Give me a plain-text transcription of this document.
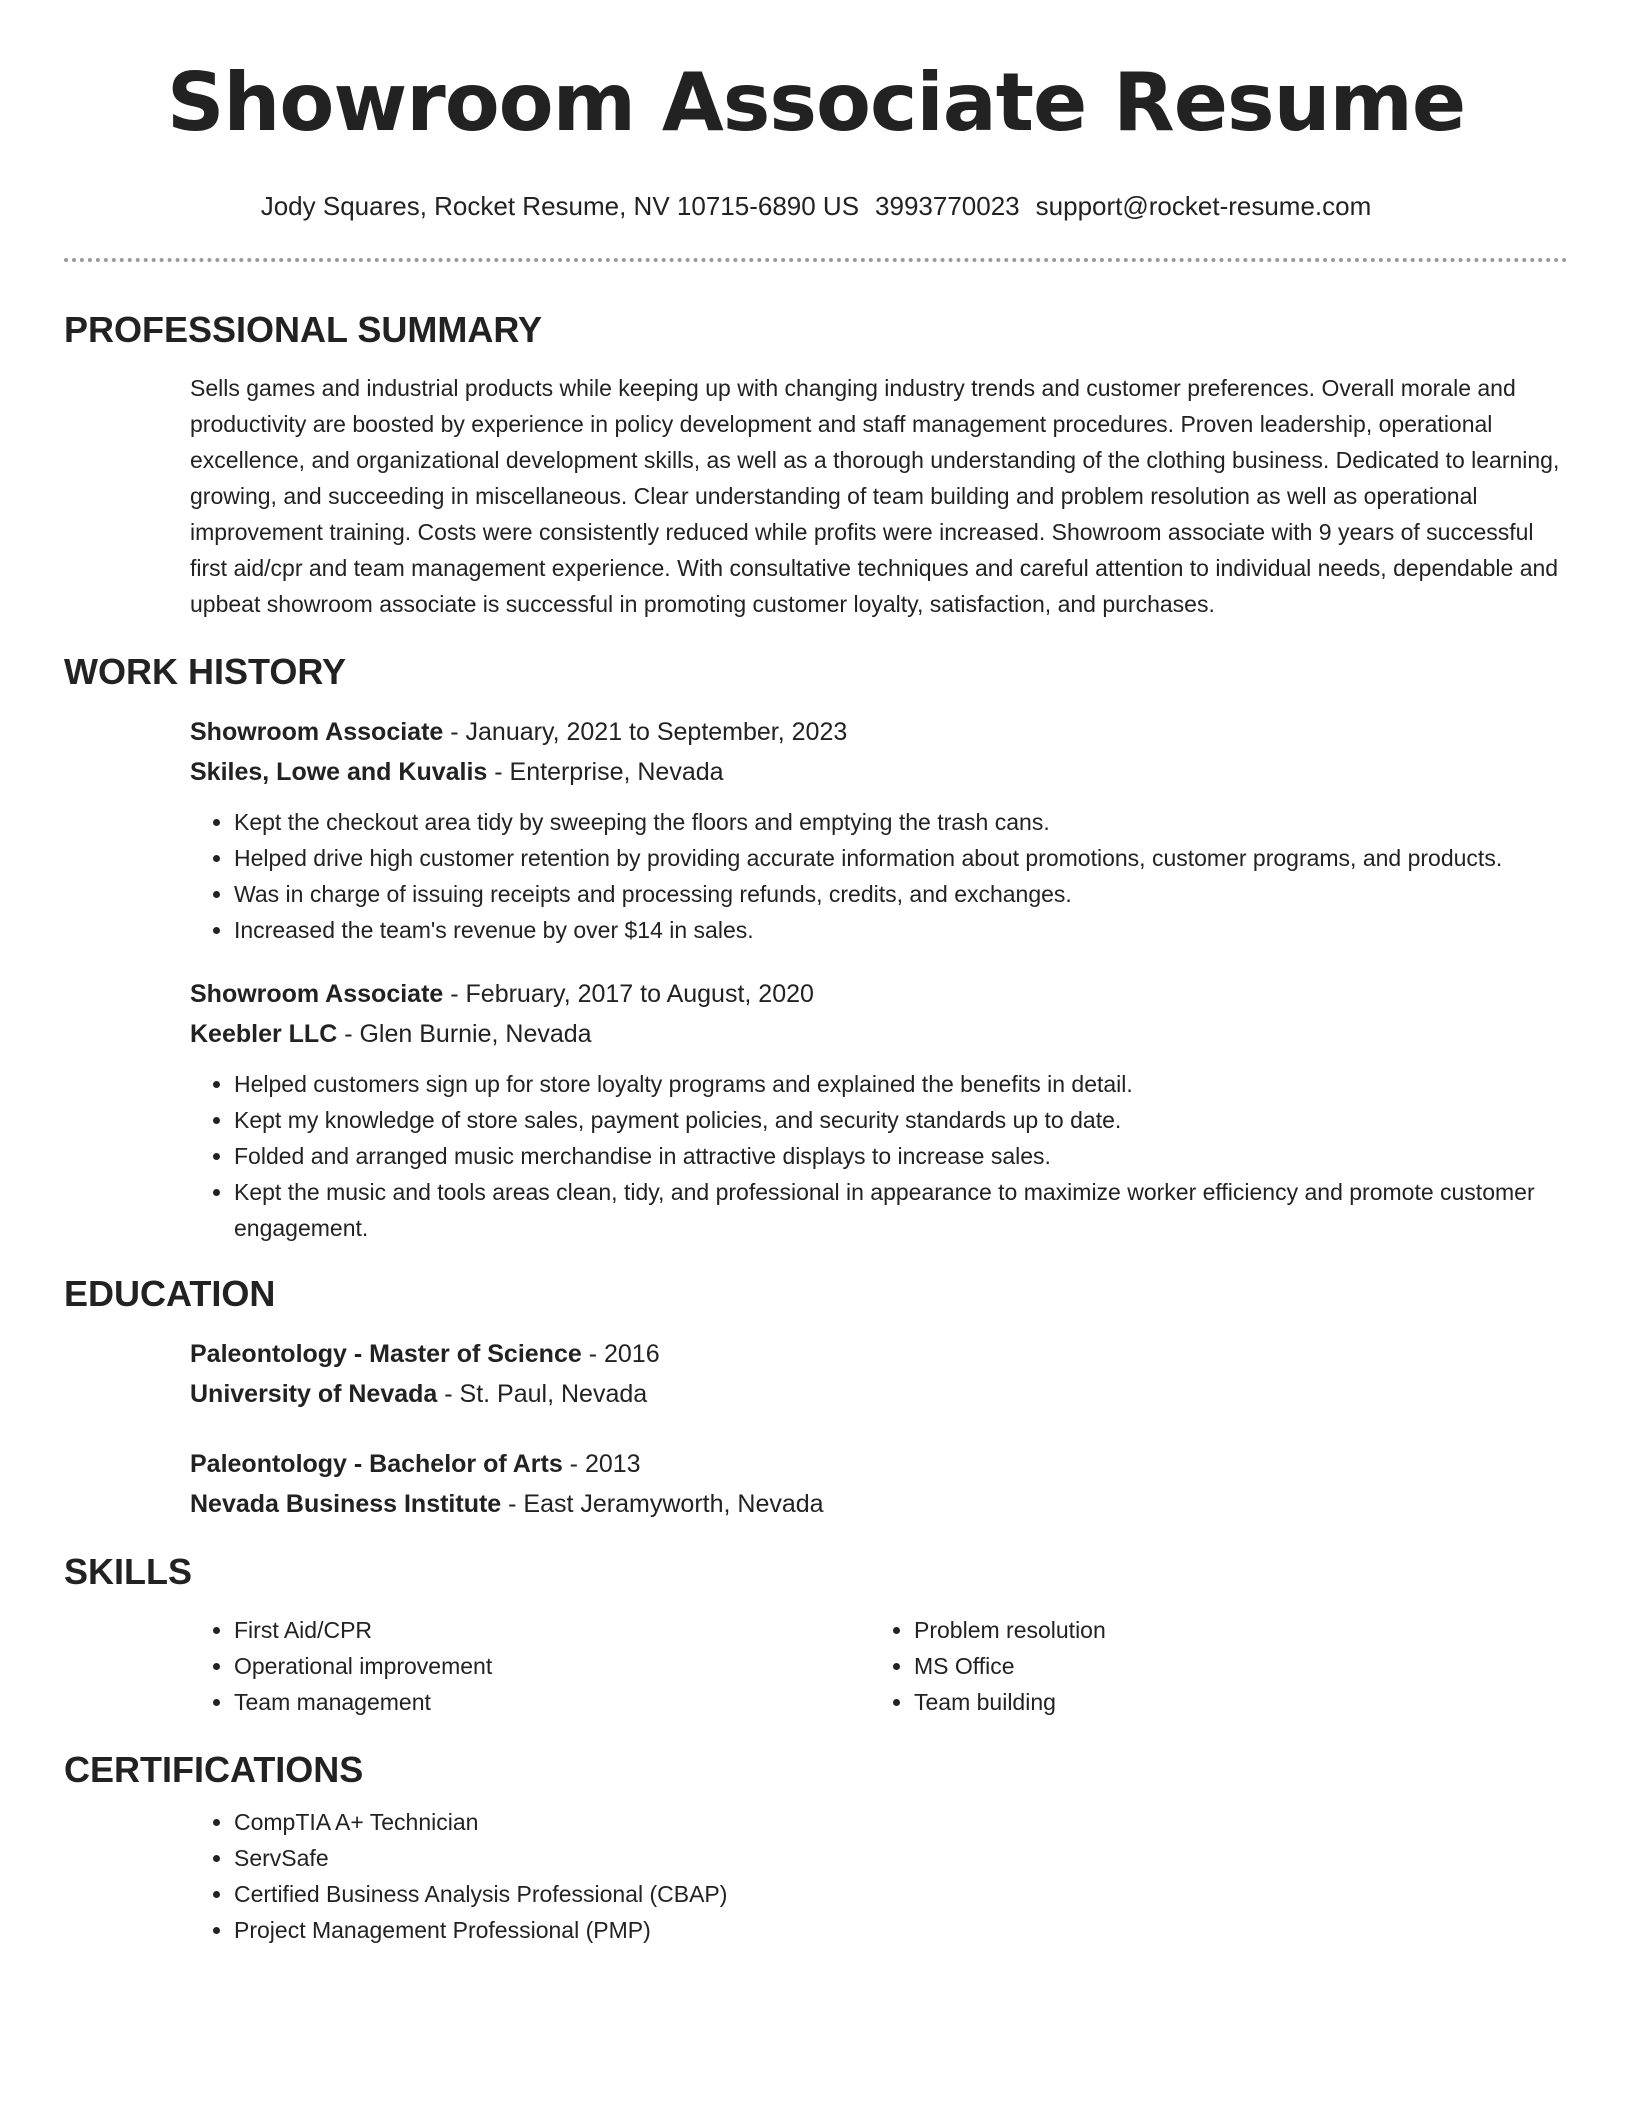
Showroom Associate Resume
Jody Squares, Rocket Resume, NV 10715-6890 US 3993770023 support@rocket-resume.com
PROFESSIONAL SUMMARY

Sells games and industrial products while keeping up with changing industry trends and customer preferences. Overall morale and productivity are boosted by experience in policy development and staff management procedures. Proven leadership, operational excellence, and organizational development skills, as well as a thorough understanding of the clothing business. Dedicated to learning, growing, and succeeding in miscellaneous. Clear understanding of team building and problem resolution as well as operational improvement training. Costs were consistently reduced while profits were increased. Showroom associate with 9 years of successful first aid/cpr and team management experience. With consultative techniques and careful attention to individual needs, dependable and upbeat showroom associate is successful in promoting customer loyalty, satisfaction, and purchases.

WORK HISTORY
Showroom Associate - January, 2021 to September, 2023
Skiles, Lowe and Kuvalis - Enterprise, Nevada
• Kept the checkout area tidy by sweeping the floors and emptying the trash cans.
• Helped drive high customer retention by providing accurate information about promotions, customer programs, and products.
• Was in charge of issuing receipts and processing refunds, credits, and exchanges.
• Increased the team's revenue by over $14 in sales.
Showroom Associate - February, 2017 to August, 2020
Keebler LLC - Glen Burnie, Nevada
• Helped customers sign up for store loyalty programs and explained the benefits in detail.
• Kept my knowledge of store sales, payment policies, and security standards up to date.
• Folded and arranged music merchandise in attractive displays to increase sales.
• Kept the music and tools areas clean, tidy, and professional in appearance to maximize worker efficiency and promote customer engagement.
EDUCATION
Paleontology - Master of Science - 2016
University of Nevada - St. Paul, Nevada
Paleontology - Bachelor of Arts - 2013
Nevada Business Institute - East Jeramyworth, Nevada
SKILLS
• First Aid/CPR
• Operational improvement
• Team management
• Problem resolution
• MS Office
• Team building
CERTIFICATIONS
• CompTIA A+ Technician
• ServSafe
• Certified Business Analysis Professional (CBAP)
• Project Management Professional (PMP)
